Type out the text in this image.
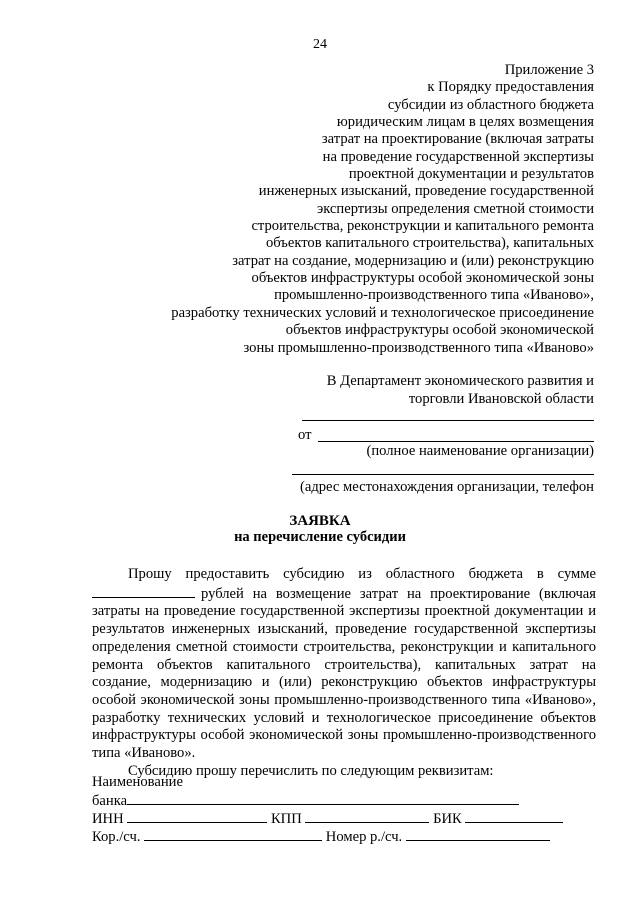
24
Приложение 3
к Порядку предоставления
субсидии из областного бюджета
юридическим лицам в целях возмещения
затрат на проектирование (включая затраты
на проведение государственной экспертизы
проектной документации и результатов
инженерных изысканий, проведение государственной
экспертизы определения сметной стоимости
строительства, реконструкции и капитального ремонта
объектов капитального строительства), капитальных
затрат на создание, модернизацию и (или) реконструкцию
объектов инфраструктуры особой экономической зоны
промышленно-производственного типа «Иваново»,
разработку технических условий и технологическое присоединение
объектов инфраструктуры особой экономической
зоны промышленно-производственного типа «Иваново»
В Департамент экономического развития и
торговли Ивановской области
от
(полное наименование организации)
(адрес местонахождения организации, телефон
ЗАЯВКА
на перечисление субсидии

Прошу предоставить субсидию из областного бюджета в сумме

рублей на возмещение затрат на проектирование (включая затраты на проведение государственной экспертизы проектной документации и результатов инженерных изысканий, проведение государственной экспертизы определения сметной стоимости строительства, реконструкции и капитального ремонта объектов капитального строительства), капитальных затрат на создание, модернизацию и (или) реконструкцию объектов инфраструктуры особой экономической зоны промышленно-производственного типа «Иваново», разработку технических условий и технологическое присоединение объектов инфраструктуры особой экономической зоны промышленно-производственного типа «Иваново».

Субсидию прошу перечислить по следующим реквизитам:

Наименование
банка
ИНН	КПП	БИК
Кор./сч.	Номер р./сч.
